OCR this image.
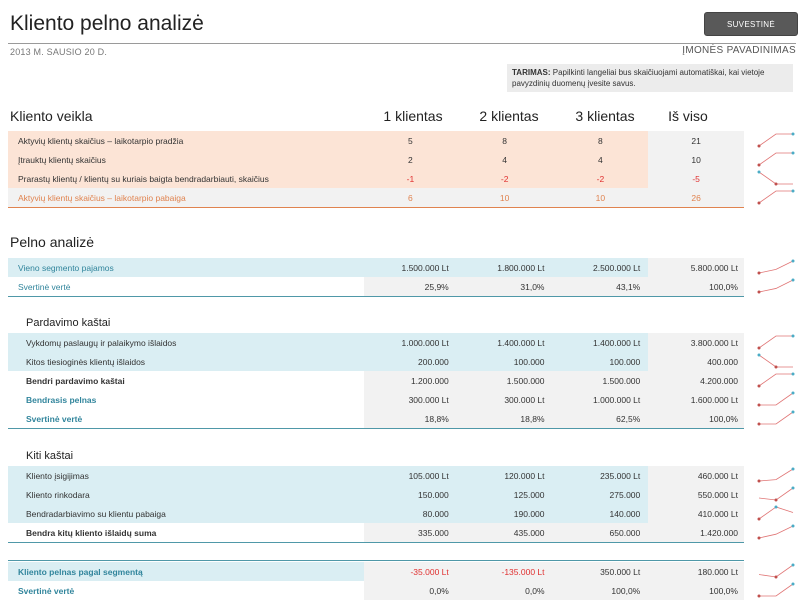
Kliento pelno analizė	SUVESTINĖ
2013 M. SAUSIO 20 D.	ĮMONĖS PAVADINIMAS
TARIMAS: Papilkinti langeliai bus skaičiuojami automatiškai, kai vietoje pavyzdinių duomenų įvesite savus.
Kliento veikla	1 klientas	2 klientas	3 klientas	Iš viso
Aktyvių klientų skaičius – laikotarpio pradžia	5	8	8	21
Įtrauktų klientų skaičius	2	4	4	10
Prarastų klientų / klientų su kuriais baigta bendradarbiauti, skaičius	-1	-2	-2	-5
Aktyvių klientų skaičius – laikotarpio pabaiga	6	10	10	26
Pelno analizė
Vieno segmento pajamos	1.500.000 Lt	1.800.000 Lt	2.500.000 Lt	5.800.000 Lt
Svertinė vertė	25,9%	31,0%	43,1%	100,0%
Pardavimo kaštai
Vykdomų paslaugų ir palaikymo išlaidos	1.000.000 Lt	1.400.000 Lt	1.400.000 Lt	3.800.000 Lt
Kitos tiesioginės klientų išlaidos	200.000	100.000	100.000	400.000
Bendri pardavimo kaštai	1.200.000	1.500.000	1.500.000	4.200.000
Bendrasis pelnas	300.000 Lt	300.000 Lt	1.000.000 Lt	1.600.000 Lt
Svertinė vertė	18,8%	18,8%	62,5%	100,0%
Kiti kaštai
Kliento įsigijimas	105.000 Lt	120.000 Lt	235.000 Lt	460.000 Lt
Kliento rinkodara	150.000	125.000	275.000	550.000 Lt
Bendradarbiavimo su klientu pabaiga	80.000	190.000	140.000	410.000 Lt
Bendra kitų kliento išlaidų suma	335.000	435.000	650.000	1.420.000
Kliento pelnas pagal segmentą	-35.000 Lt	-135.000 Lt	350.000 Lt	180.000 Lt
Svertinė vertė	0,0%	0,0%	100,0%	100,0%
